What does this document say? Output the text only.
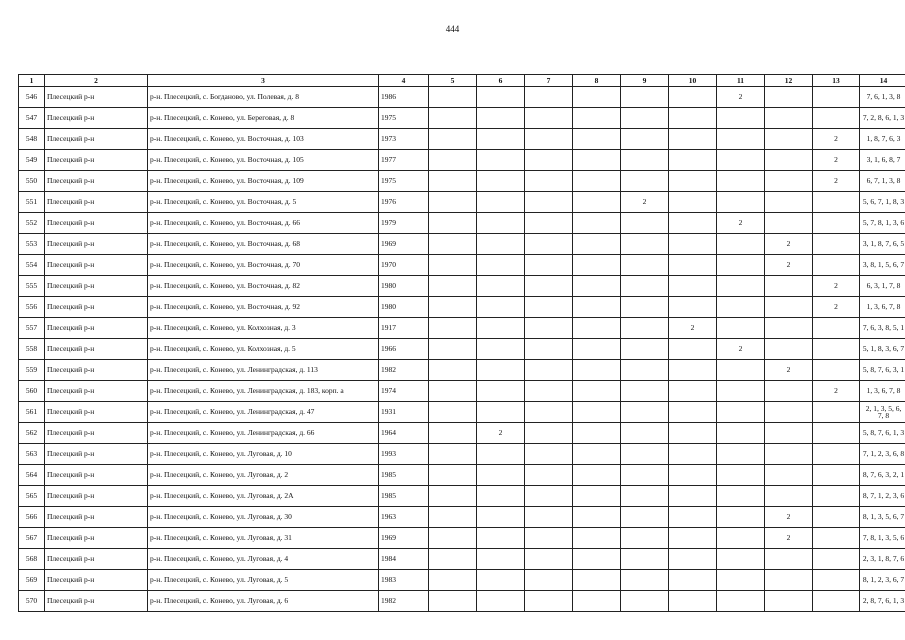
444
1	2	3	4	5	6	7	8	9	10	11	12	13	14
546	Плесецкий р-н	р-н. Плесецкий, с. Богданово, ул. Полевая, д. 8	1986							2			7, 6, 1, 3, 8
547	Плесецкий р-н	р-н. Плесецкий, с. Конево, ул. Береговая, д. 8	1975										7, 2, 8, 6, 1, 3
548	Плесецкий р-н	р-н. Плесецкий, с. Конево, ул. Восточная, д. 103	1973									2	1, 8, 7, 6, 3
549	Плесецкий р-н	р-н. Плесецкий, с. Конево, ул. Восточная, д. 105	1977									2	3, 1, 6, 8, 7
550	Плесецкий р-н	р-н. Плесецкий, с. Конево, ул. Восточная, д. 109	1975									2	6, 7, 1, 3, 8
551	Плесецкий р-н	р-н. Плесецкий, с. Конево, ул. Восточная, д. 5	1976					2					5, 6, 7, 1, 8, 3
552	Плесецкий р-н	р-н. Плесецкий, с. Конево, ул. Восточная, д. 66	1979							2			5, 7, 8, 1, 3, 6
553	Плесецкий р-н	р-н. Плесецкий, с. Конево, ул. Восточная, д. 68	1969								2		3, 1, 8, 7, 6, 5
554	Плесецкий р-н	р-н. Плесецкий, с. Конево, ул. Восточная, д. 70	1970								2		3, 8, 1, 5, 6, 7
555	Плесецкий р-н	р-н. Плесецкий, с. Конево, ул. Восточная, д. 82	1980									2	6, 3, 1, 7, 8
556	Плесецкий р-н	р-н. Плесецкий, с. Конево, ул. Восточная, д. 92	1980									2	1, 3, 6, 7, 8
557	Плесецкий р-н	р-н. Плесецкий, с. Конево, ул. Колхозная, д. 3	1917						2				7, 6, 3, 8, 5, 1
558	Плесецкий р-н	р-н. Плесецкий, с. Конево, ул. Колхозная, д. 5	1966							2			5, 1, 8, 3, 6, 7
559	Плесецкий р-н	р-н. Плесецкий, с. Конево, ул. Ленинградская, д. 113	1982								2		5, 8, 7, 6, 3, 1
560	Плесецкий р-н	р-н. Плесецкий, с. Конево, ул. Ленинградская, д. 183, корп. а	1974									2	1, 3, 6, 7, 8
561	Плесецкий р-н	р-н. Плесецкий, с. Конево, ул. Ленинградская, д. 47	1931										2, 1, 3, 5, 6, 7, 8
562	Плесецкий р-н	р-н. Плесецкий, с. Конево, ул. Ленинградская, д. 66	1964		2								5, 8, 7, 6, 1, 3
563	Плесецкий р-н	р-н. Плесецкий, с. Конево, ул. Луговая, д. 10	1993										7, 1, 2, 3, 6, 8
564	Плесецкий р-н	р-н. Плесецкий, с. Конево, ул. Луговая, д. 2	1985										8, 7, 6, 3, 2, 1
565	Плесецкий р-н	р-н. Плесецкий, с. Конево, ул. Луговая, д. 2А	1985										8, 7, 1, 2, 3, 6
566	Плесецкий р-н	р-н. Плесецкий, с. Конево, ул. Луговая, д. 30	1963								2		8, 1, 3, 5, 6, 7
567	Плесецкий р-н	р-н. Плесецкий, с. Конево, ул. Луговая, д. 31	1969								2		7, 8, 1, 3, 5, 6
568	Плесецкий р-н	р-н. Плесецкий, с. Конево, ул. Луговая, д. 4	1984										2, 3, 1, 8, 7, 6
569	Плесецкий р-н	р-н. Плесецкий, с. Конево, ул. Луговая, д. 5	1983										8, 1, 2, 3, 6, 7
570	Плесецкий р-н	р-н. Плесецкий, с. Конево, ул. Луговая, д. 6	1982										2, 8, 7, 6, 1, 3
